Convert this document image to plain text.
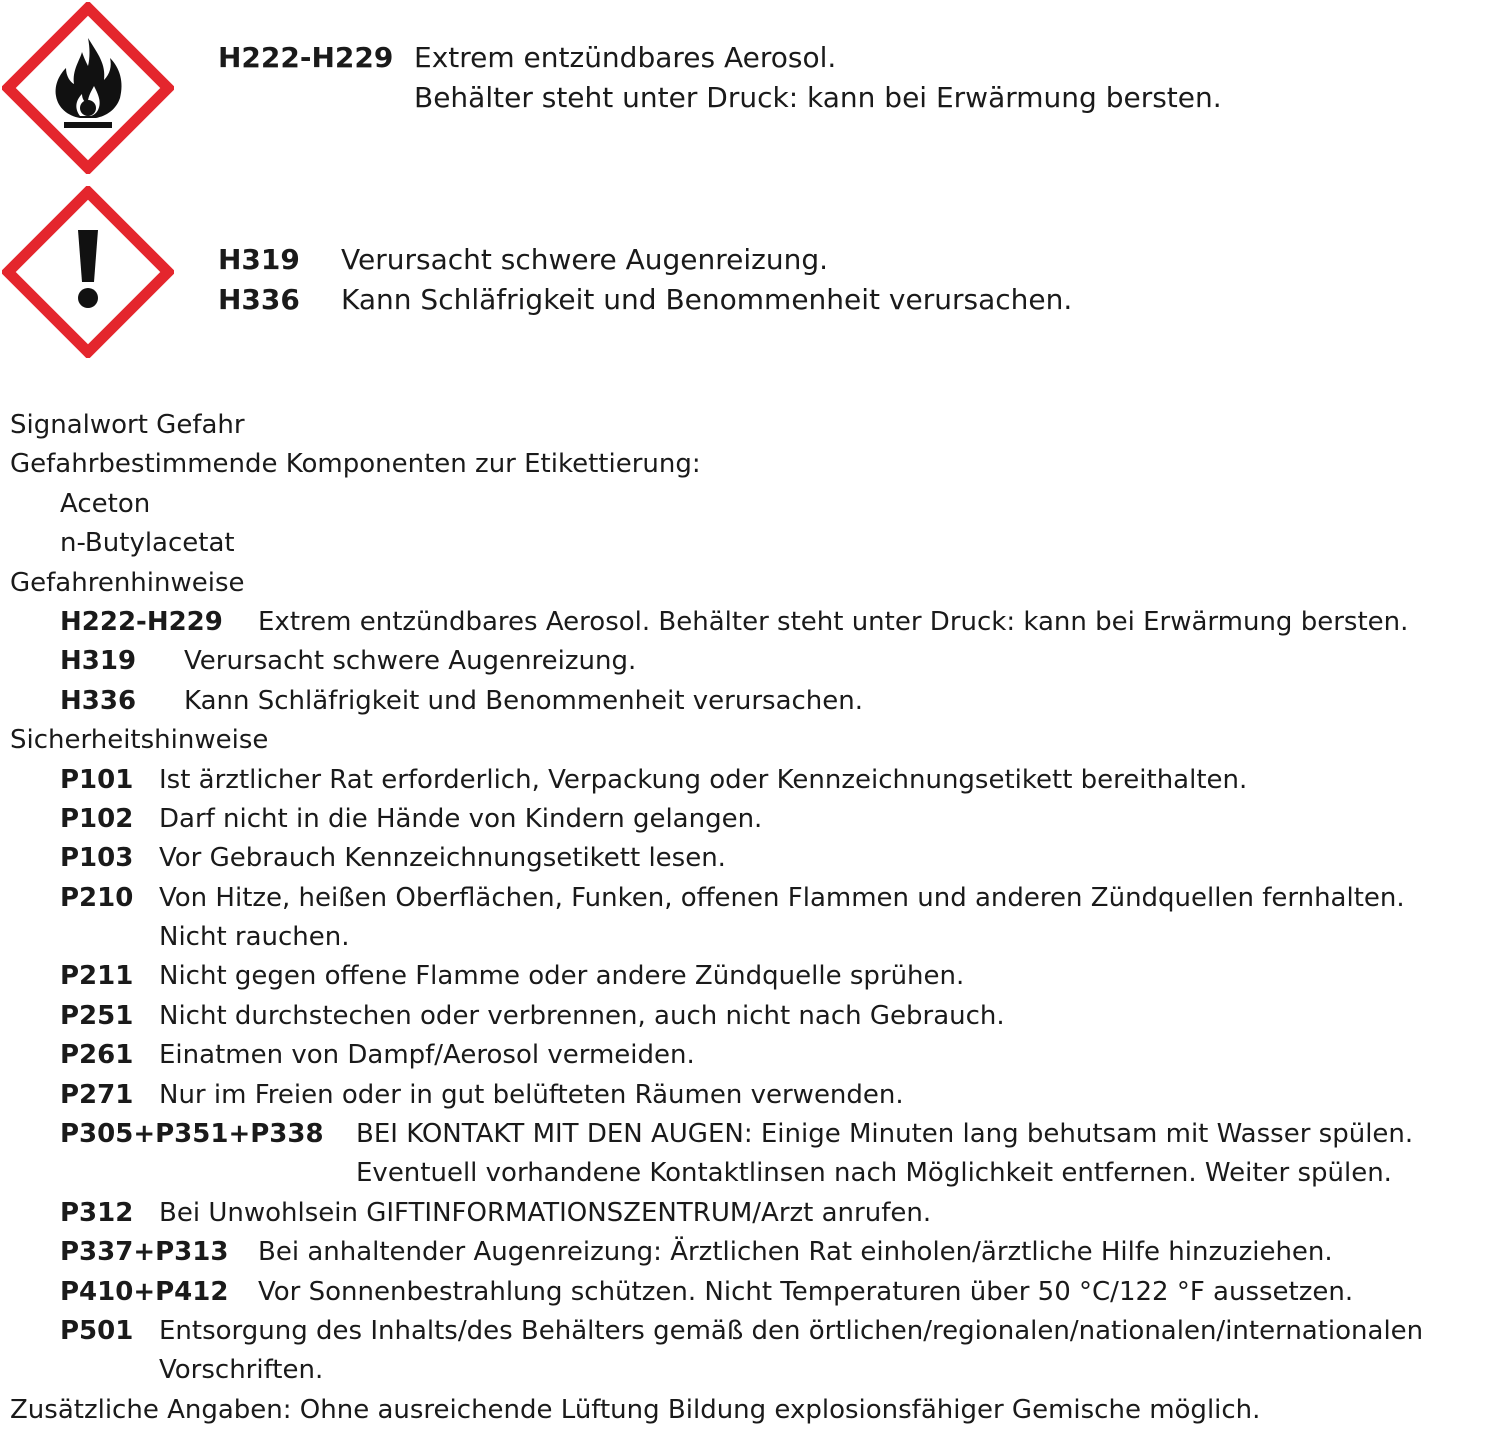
H222-H229 Extrem entzündbares Aerosol.
Behälter steht unter Druck: kann bei Erwärmung bersten.
H319 Verursacht schwere Augenreizung.
H336 Kann Schläfrigkeit und Benommenheit verursachen.
Signalwort Gefahr
Gefahrbestimmende Komponenten zur Etikettierung:
Aceton
n-Butylacetat
Gefahrenhinweise
H222-H229 Extrem entzündbares Aerosol. Behälter steht unter Druck: kann bei Erwärmung bersten.
H319 Verursacht schwere Augenreizung.
H336 Kann Schläfrigkeit und Benommenheit verursachen.
Sicherheitshinweise
P101 Ist ärztlicher Rat erforderlich, Verpackung oder Kennzeichnungsetikett bereithalten.
P102 Darf nicht in die Hände von Kindern gelangen.
P103 Vor Gebrauch Kennzeichnungsetikett lesen.
P210 Von Hitze, heißen Oberflächen, Funken, offenen Flammen und anderen Zündquellen fernhalten.
Nicht rauchen.
P211 Nicht gegen offene Flamme oder andere Zündquelle sprühen.
P251 Nicht durchstechen oder verbrennen, auch nicht nach Gebrauch.
P261 Einatmen von Dampf/Aerosol vermeiden.
P271 Nur im Freien oder in gut belüfteten Räumen verwenden.
P305+P351+P338 BEI KONTAKT MIT DEN AUGEN: Einige Minuten lang behutsam mit Wasser spülen.
Eventuell vorhandene Kontaktlinsen nach Möglichkeit entfernen. Weiter spülen.
P312 Bei Unwohlsein GIFTINFORMATIONSZENTRUM/Arzt anrufen.
P337+P313 Bei anhaltender Augenreizung: Ärztlichen Rat einholen/ärztliche Hilfe hinzuziehen.
P410+P412 Vor Sonnenbestrahlung schützen. Nicht Temperaturen über 50 °C/122 °F aussetzen.
P501 Entsorgung des Inhalts/des Behälters gemäß den örtlichen/regionalen/nationalen/internationalen
Vorschriften.
Zusätzliche Angaben: Ohne ausreichende Lüftung Bildung explosionsfähiger Gemische möglich.
